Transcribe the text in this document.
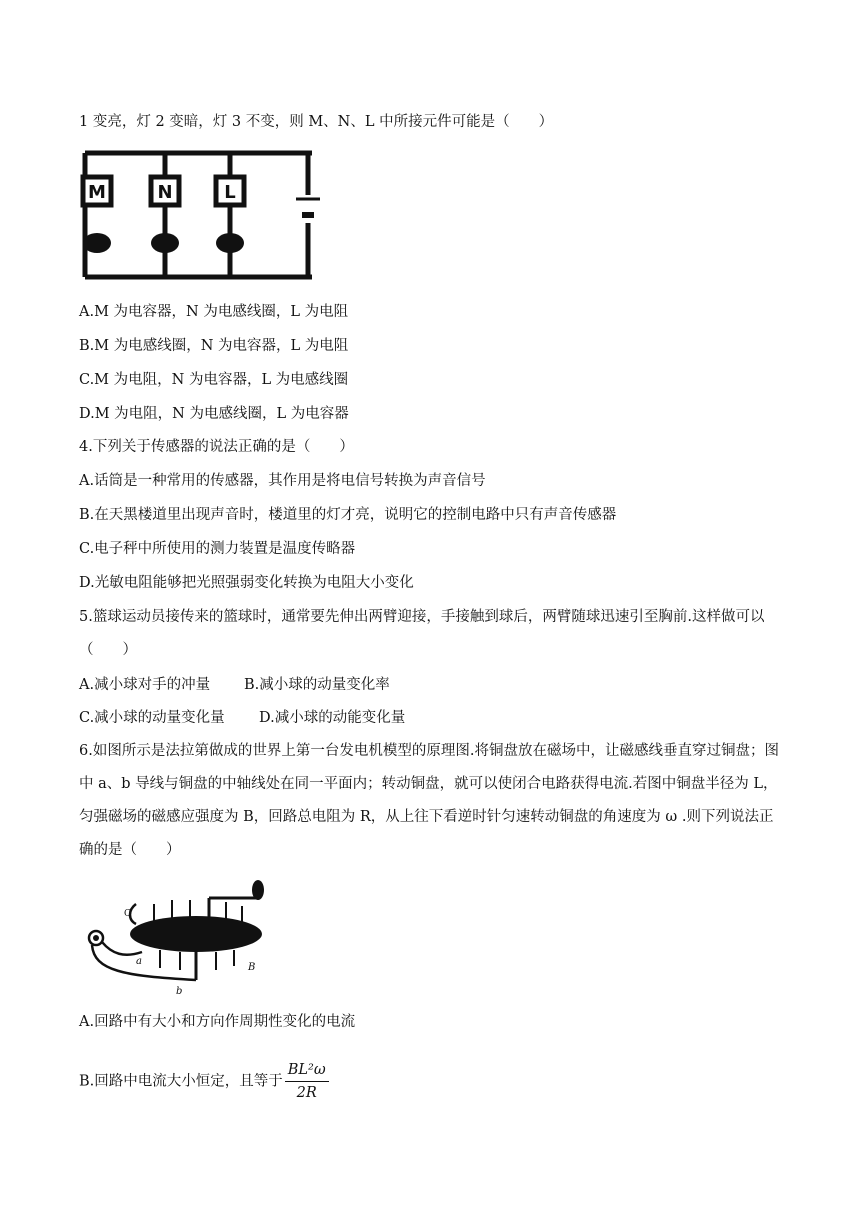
1 变亮，灯 2 变暗，灯 3 不变，则 M、N、L 中所接元件可能是（　　）
M	N	L
A.M 为电容器，N 为电感线圈，L 为电阻
B.M 为电感线圈，N 为电容器，L 为电阻
C.M 为电阻，N 为电容器，L 为电感线圈
D.M 为电阻，N 为电感线圈，L 为电容器
4.下列关于传感器的说法正确的是（　　）
A.话筒是一种常用的传感器，其作用是将电信号转换为声音信号
B.在天黑楼道里出现声音时，楼道里的灯才亮，说明它的控制电路中只有声音传感器
C.电子秤中所使用的测力装置是温度传略器
D.光敏电阻能够把光照强弱变化转换为电阻大小变化
5.篮球运动员接传来的篮球时，通常要先伸出两臂迎接，手接触到球后，两臂随球迅速引至胸前.这样做可以（　　）
A.减小球对手的冲量 B.减小球的动量变化率
C.减小球的动量变化量 D.减小球的动能变化量
6.如图所示是法拉第做成的世界上第一台发电机模型的原理图.将铜盘放在磁场中，让磁感线垂直穿过铜盘；图中 a、b 导线与铜盘的中轴线处在同一平面内；转动铜盘，就可以使闭合电路获得电流.若图中铜盘半径为 L，匀强磁场的磁感应强度为 B，回路总电阻为 R，从上往下看逆时针匀速转动铜盘的角速度为 ω .则下列说法正确的是（　　）
a
b
B
C
A.回路中有大小和方向作周期性变化的电流
B.回路中电流大小恒定，且等于 $\frac{\text{BL²ω}}{2R}$
